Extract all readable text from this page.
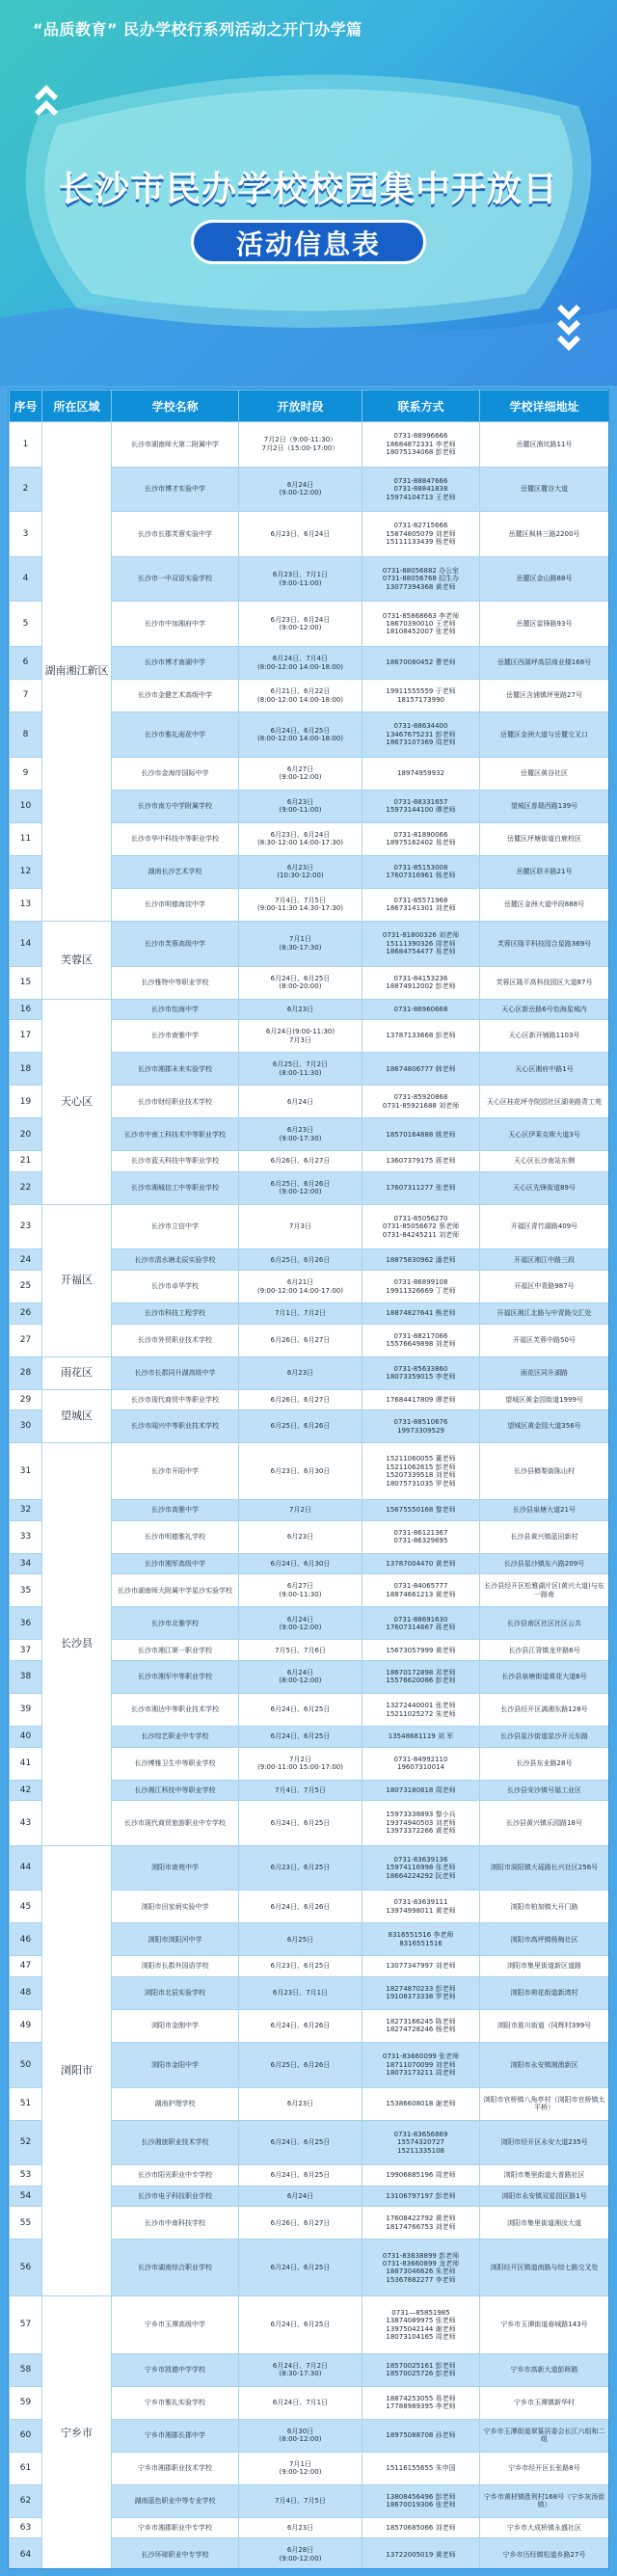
“品质教育” 民办学校行系列活动之开门办学篇
长沙市民办学校校园集中开放日
活动信息表
序号	所在区域	学校名称	开放时段	联系方式	学校详细地址
1	湖南湘江新区	长沙市湖南师大第二附属中学	7月2日（9:00-11:30）
7月2日（15:00-17:00）	0731-88996666
18684872331 李老师
18075134068 彭老师	岳麓区渔坑路11号
2		长沙市博才实验中学	6月24日
(9:00-12:00)	0731-88847666
0731-88841838
15974104713 王老师	岳麓区麓谷大道
3		长沙市长郡芙蓉实验中学	6月23日、6月24日	0731-82715666
15874805079 刘老师
15111133439 杨老师	岳麓区枫林三路2200号
4		长沙市一中双语实验学校	6月23日、7月1日
(9:00-11:00)	0731-88056882 办公室
0731-88056768 招生办
13077394368 黄老师	岳麓区金山路88号
5		长沙市中加湘府中学	6月23日、6月24日
(9:00-12:00)	0731-85868663 李老师
18670390010 王老师
18108452007 张老师	岳麓区雷锋路93号
6		长沙市博才南湖中学	6月24日、7月4日
(8:00-12:00 14:00-18:00)	18670080452 曹老师	岳麓区西湖坪高层商业楼168号
7		长沙市金健艺术高级中学	6月21日、6月22日
(8:00-12:00 14:00-18:00)	19911555559 于老师
18157173990	岳麓区含浦镇坪里路27号
8		长沙市雅礼雨花中学	6月24日、6月25日
(8:00-12:00 14:00-18:00)	0731-88634400
13467675231 彭老师
18673107369 周老师	岳麓区金洲大道与岳麓交叉口
9		长沙市金海岸国际中学	6月27日
(9:00-12:00)	18974959932	岳麓区黄谷社区
10		长沙市南方中学附属学校	6月23日
(9:00-11:00)	0731-88331657
15973144100 谭老师	望城区普瑞西路139号
11		长沙市华中科技中等职业学校	6月23日、6月24日
(8:30-12:00 14:00-17:30)	0731-81890066
18975162402 易老师	岳麓区坪塘街道白鹿校区
12		湖南长沙艺术学校	6月23日
(10:30-12:00)	0731-85153008
17607316961 杨老师	岳麓区联丰路21号
13		长沙市明德海淀中学	7月4日、7月5日
(9:00-11:30 14:30-17:30)	0731-85571968
18673141301 刘老师	岳麓区金洲大道中段888号
14	芙蓉区	长沙市芙蓉高级中学	7月1日
(8:30-17:30)	0731-81800326 刘老师
15111390326 周老师
18684754477 易老师	芙蓉区隆平科技园合星路369号
15		长沙雅特中等职业学校	6月24日、6月25日
(8:00-20:00)	0731-84153236
18874912002 彭老师	芙蓉区隆平高科技园区大道87号
16	天心区	长沙市怡海中学	6月23日	0731-86960668	天心区新岳路6号怡海星城内
17		长沙市南雅中学	6月24日(9:00-11:30)
7月3日	13787133668 彭老师	天心区新开铺路1103号
18		长沙市湘郡未来实验学校	6月25日、7月2日
(8:00-11:30)	18674806777 韩老师	天心区湘府中路1号
19		长沙市财经职业技术学校	6月24日	0731-85920868
0731-85921688 刘老师	天心区桂花坪寺院园社区湖美路青工苑
20		长沙市中南工科技术中等职业学校	6月23日
(9:00-17:30)	18570164888 姚老师	天心区伊莱克斯大道3号
21		长沙市蓝天科技中等职业学校	6月26日、6月27日	13607379175 蒋老师	天心区长沙南站东侧
22		长沙市湘城信工中等职业学校	6月25日、6月26日
(9:00-12:00)	17607311277 张老师	天心区先锋街道89号
23	开福区	长沙市立信中学	7月3日	0731-85056270
0731-85056672 蔡老师
0731-84245211 刘老师	开福区青竹湖路409号
24		长沙市清水塘北辰实验学校	6月25日、6月26日	18875830962 潘老师	开福区湘江中路三段
25		长沙市卓华学校	6月21日
(9:00-12:00 14:00-17:00)	0731-86899108
19911326669 丁老师	开福区中青路987号
26		长沙市科技工程学校	7月1日、7月2日	18874827641 熊老师	开福区湘江北路与中青路交汇处
27		长沙市外贸职业技术学校	6月26日、6月27日	0731-88217066
15576649898 刘老师	开福区芙蓉中路50号
28	雨花区	长沙市长郡同升湖高级中学	6月23日	0731-85633860
18073359015 李老师	雨花区同升湖路
29	望城区	长沙市现代商贸中等职业学校	6月26日、6月27日	17684417809 谭老师	望城区黄金园街道1999号
30		长沙市闻兴中等职业技术学校	6月25日、6月26日	0731-88510676
19973309529	望城区黄金园大道356号
31	长沙县	长沙市开阳中学	6月23日、6月30日	15211060055 董老师
15211062615 彭老师
15207339518 刘老师
18075731035 罗老师	长沙县榔梨街陈山村
32		长沙市高雅中学	7月2日	15675550168 黎老师	长沙县泉塘大道21号
33		长沙市明德雅礼学校	6月23日	0731-86121367
0731-86329695	长沙县黄兴镇蓝田新村
34		长沙市湘军高级中学	6月24日、6月30日	13787004470 黄老师	长沙县星沙镇东六路209号
35		长沙市湖南师大附属中学星沙实验学校	6月27日
(9:00-11:30)	0731-84065777
18874661213 黄老师	长沙县经开区松雅湖片区(黄兴大道)与东一路南
36		长沙市北雅学校	6月24日
(9:00-12:00)	0731-88691630
17607314667 蒋老师	长沙县南区社区社区公共
37		长沙市湘江第一职业学校	7月5日、7月6日	15673057999 黄老师	长沙县江背镇龙井路6号
38		长沙市湘军中等职业学校	6月24日
(8:00-12:00)	18670172898 邓老师
15576620086 彭老师	长沙县泉塘街道黄花大道6号
39		长沙市湘达中等职业技术学校	6月24日、6月25日	13272440001 张老师
15211025272 朱老师	长沙县经开区漓湘东路128号
40		长沙综艺职业中专学校	6月24日、6月25日	13548681119 刘 军	长沙县星沙街道星沙开元东路
41		长沙博雅卫生中等职业学校	7月2日
(9:00-11:00 15:00-17:00)	0731-84992110
19607310014	长沙县东业路28号
42		长沙湘江科技中等职业学校	7月4日、7月5日	18073180818 周老师	长沙县安沙镇号福工业区
43		长沙市现代商贸旅游职业中专学校	6月24日、6月25日	15973338893 黎小兵
19374940503 刘老师
13973372266 黄老师	长沙县黄兴镇乐园路18号
44	浏阳市	浏阳市南苑中学	6月23日、6月25日	0731-83639136
15974116998 张老师
18664224292 阮老师	浏阳市洞阳镇大瑶路长兴社区256号
45		浏阳市田家炳实验中学	6月24日、6月26日	0731-83639111
13974998011 黄老师	浏阳市柏加镇大开门路
46		浏阳市浏阳河中学	6月25日	8316551516 李老师
8316551516	浏阳市高坪镇杨梅社区
47		浏阳市长郡外国语学校	6月23日、6月25日	13077347997 刘老师	浏阳市集里街道新区道路
48		浏阳市北辰实验学校	6月23日、7月1日	18274870233 彭老师
19108373338 罗老师	浏阳市荷花街道新湾村
49		浏阳市金刚中学	6月24日、6月26日	18273166245 陈老师
18274728246 杨老师	浏阳市淮川街道（同辉村399号
50		浏阳市金阳中学	6月25日、6月26日	0731-83660099 张老师
18711070099 刘老师
18073173211 周老师	浏阳市永安镇湘澳新区
51		湖南护理学校	6月23日	15386608018 谢老师	浏阳市官桥镇八角亭村（浏阳市官桥镇太平桥）
52		长沙湘旅职业技术学校	6月24日、6月25日	0731-83656869
15574320727
15211335108	浏阳市经开区永安大道235号
53		长沙市阳光职业中专学校	6月24日、6月25日	19906885196 周老师	浏阳市集里街道大普路社区
54		长沙市电子科技职业学校	6月24日	13106797197 彭老师	浏阳市永安镇双星园区路1号
55		长沙市中南科技学校	6月26日、6月27日	17608422792 黄老师
18174766753 刘老师	浏阳市集里街道湘汝大道
56		长沙市湖南综合职业学校	6月24日、6月25日	0731-83838899 彭老师
0731-83660899 龙老师
18873046626 朱老师
15367882277 李老师	浏阳经开区镇道南路与综七路交叉处
57	宁乡市	宁乡市玉潭高级中学	6月24日、6月25日	0731—85851985
13874089975 张老师
13975042144 谢老师
18073104165 周老师	宁乡市玉潭街道春城路143号
58		宁乡市凯德中学学校	6月24日、7月2日
(8:30-17:30)	18570025161 彭老师
18570025726 彭老师	宁乡市高新大道彭晖路
59		宁乡市雅礼实验学校	6月24日、7月1日	18874253055 易老师
17788989395 李老师	宁乡市玉潭镇新华村
60		宁乡市湘郡长郡中学	6月30日
(8:00-12:00)	18975088708 孙老师	宁乡市玉潭街道翠篁居委会长江六组和二组
61		宁乡市湘郡职业技术学校	7月1日
(9:00-12:00)	15116155655 朱申国	宁乡市经开区长张路8号
62		湖南蓝色职业中等专业学校	7月4日、7月5日	13808456496 彭老师
18670019306 张老师	宁乡市黄材镇胜利村168号（宁乡灰汤街镇）
63		宁乡市湘郡职业中专学校	6月23日	18570685066 刘老师	宁乡市大成桥镇永盛社区
64		长沙环球职业中专学校	6月28日
(9:00-12:00)	13722005019 黄老师	宁乡市历经镇松道乡路27号
